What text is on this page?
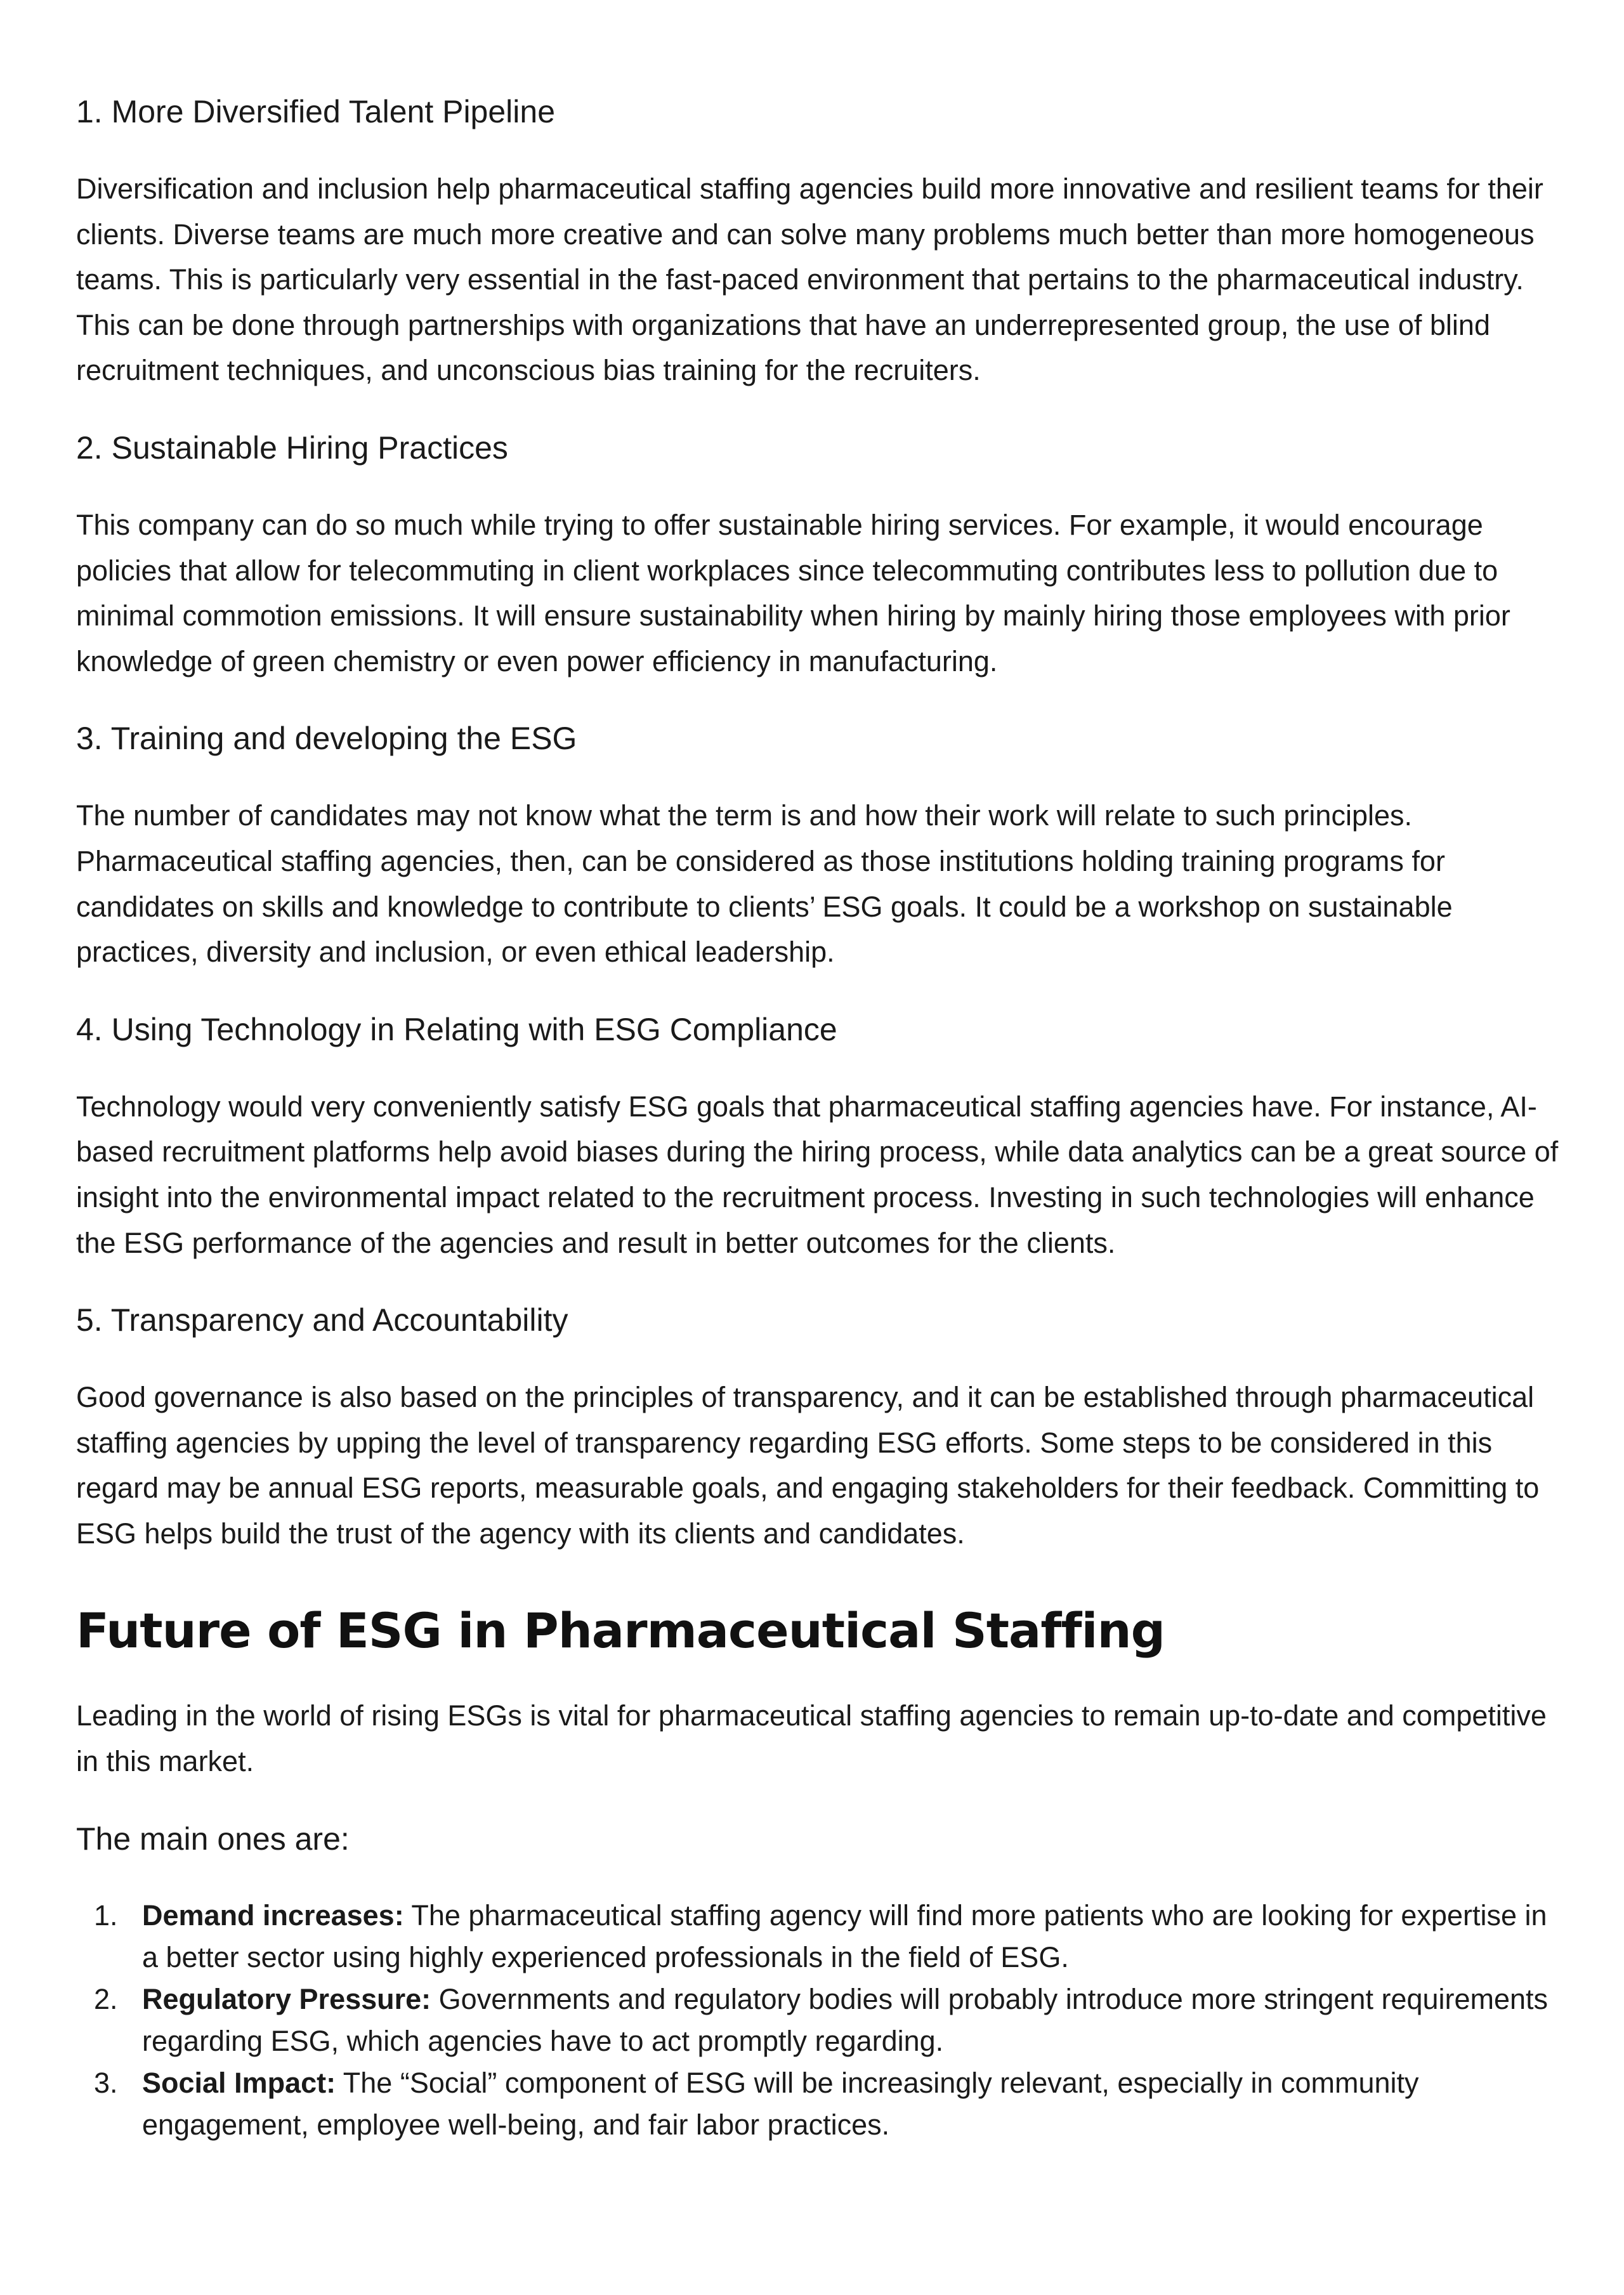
1. More Diversified Talent Pipeline

Diversification and inclusion help pharmaceutical staffing agencies build more innovative and resilient teams for their clients. Diverse teams are much more creative and can solve many problems much better than more homogeneous teams. This is particularly very essential in the fast-paced environment that pertains to the pharmaceutical industry. This can be done through partnerships with organizations that have an underrepresented group, the use of blind recruitment techniques, and unconscious bias training for the recruiters.

2. Sustainable Hiring Practices

This company can do so much while trying to offer sustainable hiring services. For example, it would encourage policies that allow for telecommuting in client workplaces since telecommuting contributes less to pollution due to minimal commotion emissions. It will ensure sustainability when hiring by mainly hiring those employees with prior knowledge of green chemistry or even power efficiency in manufacturing.

3. Training and developing the ESG

The number of candidates may not know what the term is and how their work will relate to such principles. Pharmaceutical staffing agencies, then, can be considered as those institutions holding training programs for candidates on skills and knowledge to contribute to clients’ ESG goals. It could be a workshop on sustainable practices, diversity and inclusion, or even ethical leadership.

4. Using Technology in Relating with ESG Compliance

Technology would very conveniently satisfy ESG goals that pharmaceutical staffing agencies have. For instance, AI-based recruitment platforms help avoid biases during the hiring process, while data analytics can be a great source of insight into the environmental impact related to the recruitment process. Investing in such technologies will enhance the ESG performance of the agencies and result in better outcomes for the clients.

5. Transparency and Accountability

Good governance is also based on the principles of transparency, and it can be established through pharmaceutical staffing agencies by upping the level of transparency regarding ESG efforts. Some steps to be considered in this regard may be annual ESG reports, measurable goals, and engaging stakeholders for their feedback. Committing to ESG helps build the trust of the agency with its clients and candidates.

Future of ESG in Pharmaceutical Staffing

Leading in the world of rising ESGs is vital for pharmaceutical staffing agencies to remain up-to-date and competitive in this market.

The main ones are:

1. Demand increases: The pharmaceutical staffing agency will find more patients who are looking for expertise in a better sector using highly experienced professionals in the field of ESG.
2. Regulatory Pressure: Governments and regulatory bodies will probably introduce more stringent requirements regarding ESG, which agencies have to act promptly regarding.
3. Social Impact: The “Social” component of ESG will be increasingly relevant, especially in community engagement, employee well-being, and fair labor practices.
